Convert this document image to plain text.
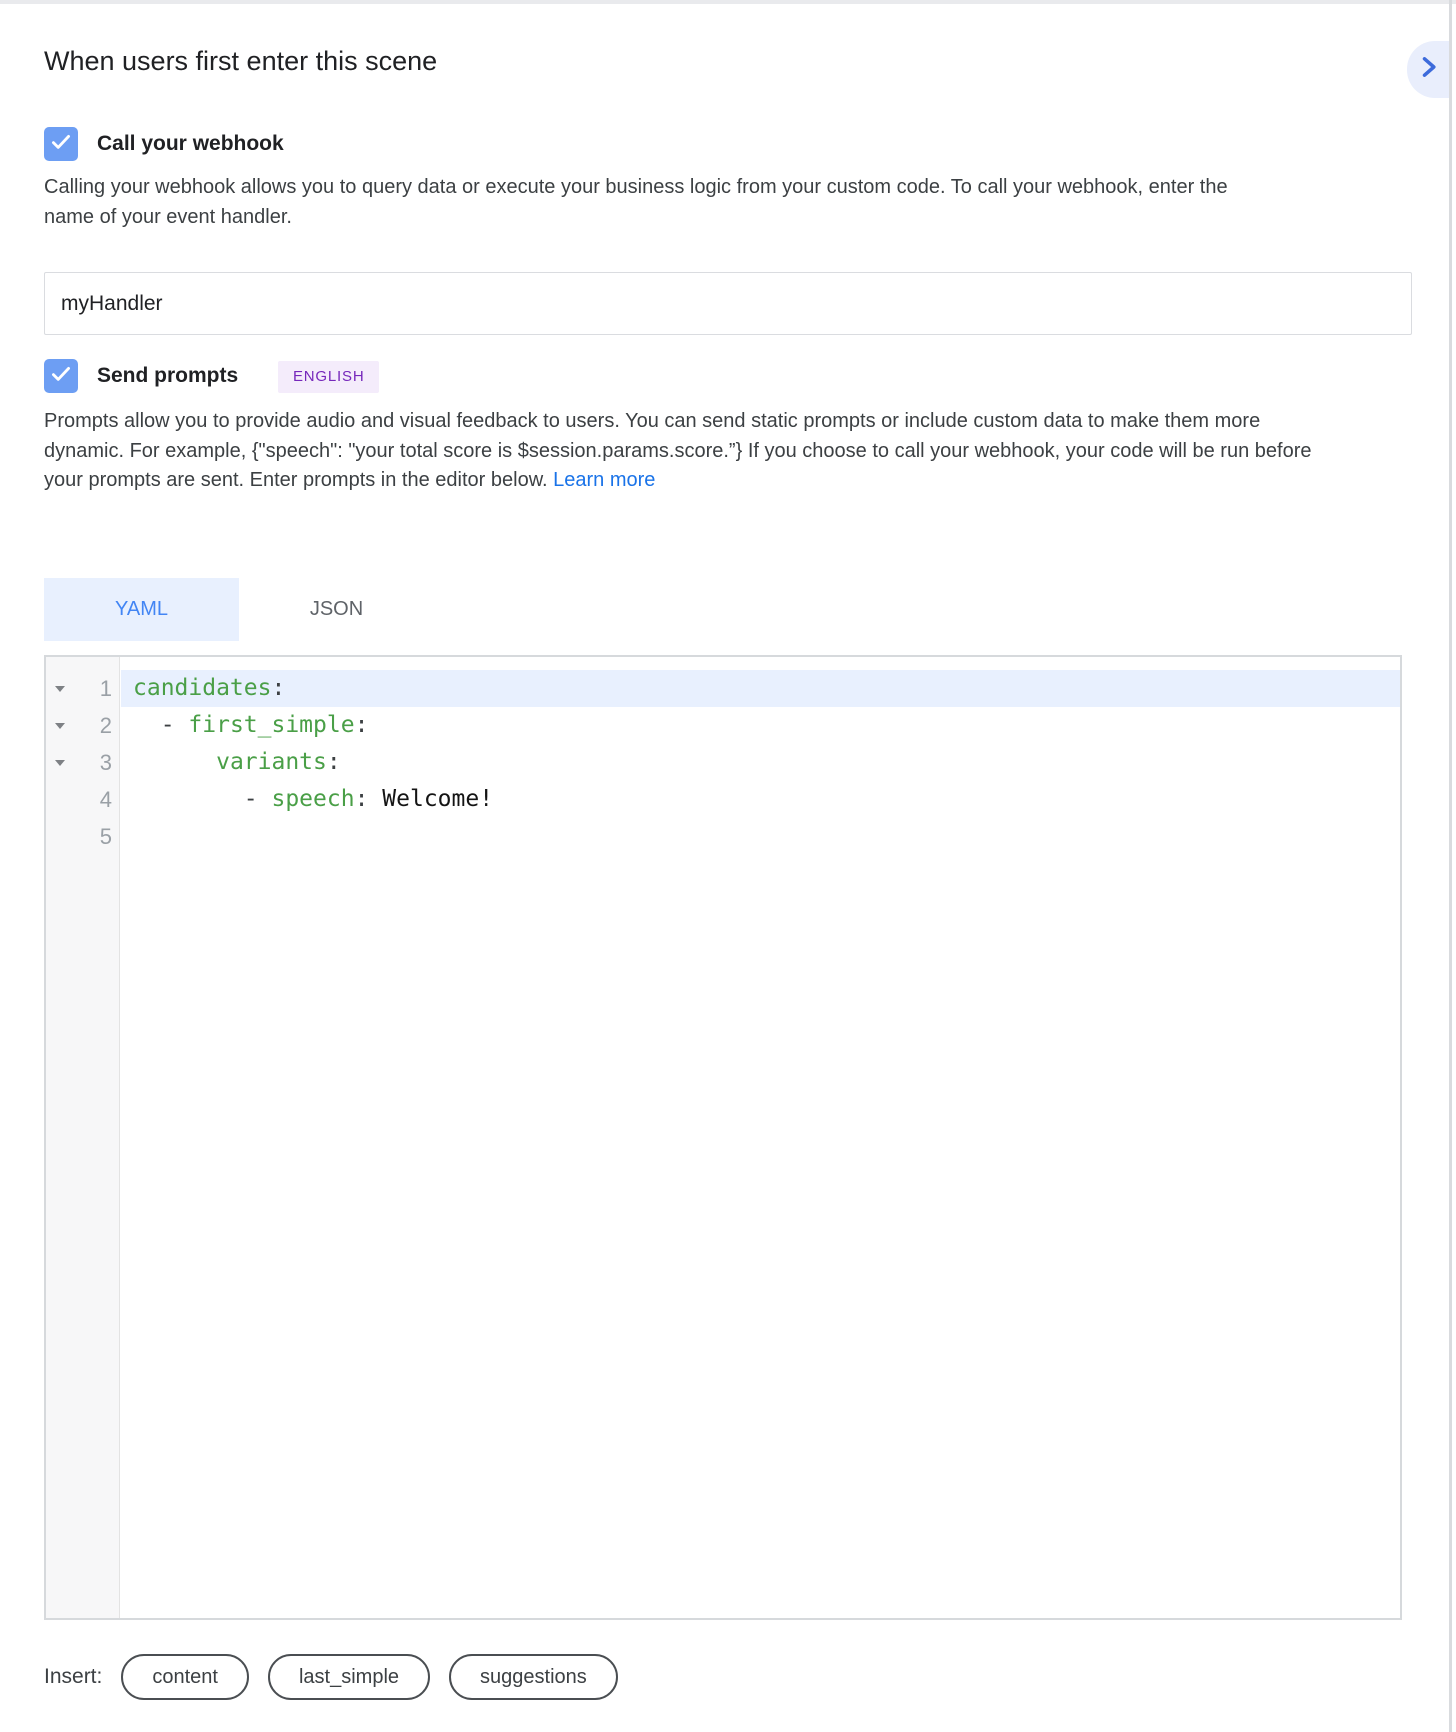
When users first enter this scene
Call your webhook
Calling your webhook allows you to query data or execute your business logic from your custom code. To call your webhook, enter the name of your event handler.
myHandler
Send prompts	ENGLISH
Prompts allow you to provide audio and visual feedback to users. You can send static prompts or include custom data to make them more dynamic. For example, {"speech": "your total score is $session.params.score.”} If you choose to call your webhook, your code will be run before your prompts are sent. Enter prompts in the editor below. Learn more
YAML	JSON
1 candidates:
2	- first_simple:
3	variants:
4	- speech: Welcome!
5
Insert:	content	last_simple	suggestions
